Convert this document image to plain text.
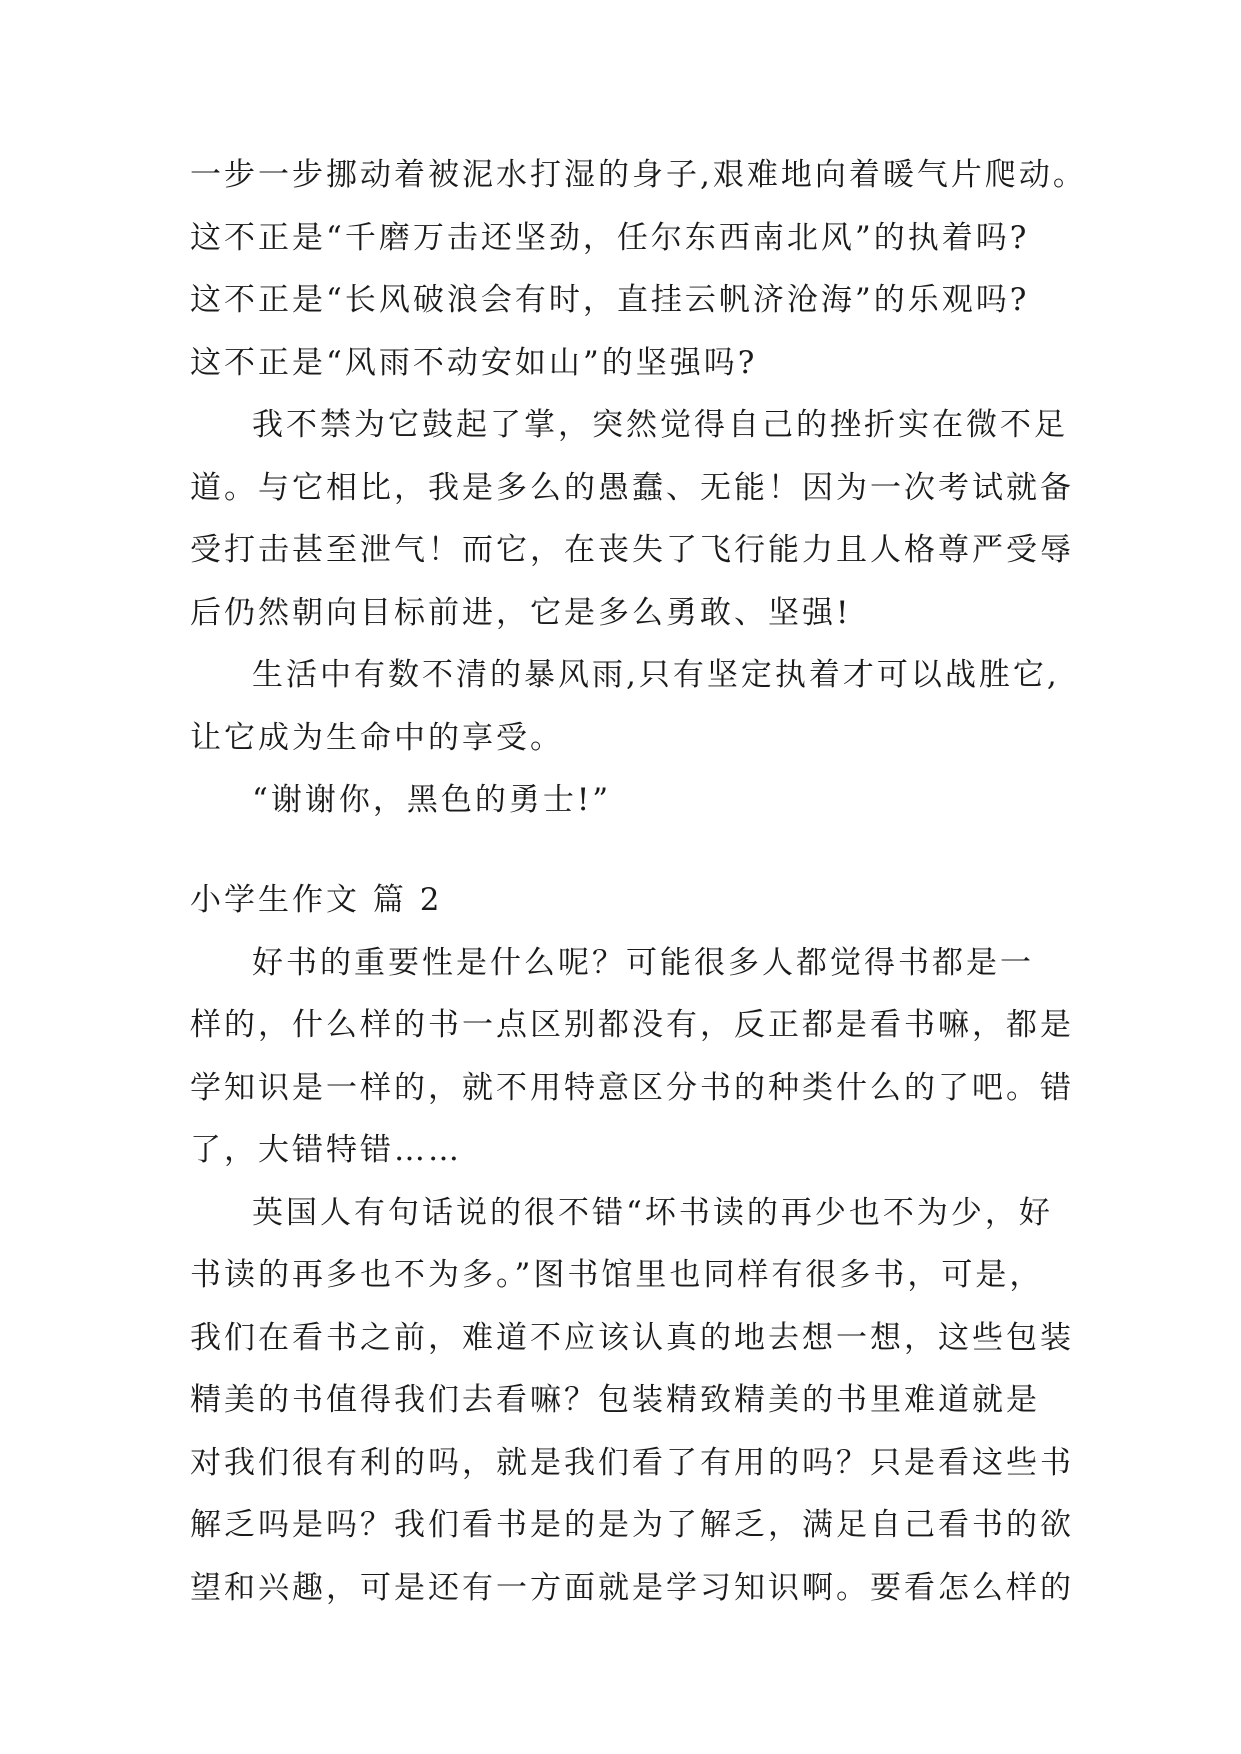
一步一步挪动着被泥水打湿的身子,艰难地向着暖气片爬动。
这不正是“千磨万击还坚劲，任尔东西南北风”的执着吗?
这不正是“长风破浪会有时，直挂云帆济沧海”的乐观吗?
这不正是“风雨不动安如山”的坚强吗?
我不禁为它鼓起了掌，突然觉得自己的挫折实在微不足
道。与它相比，我是多么的愚蠢、无能！因为一次考试就备
受打击甚至泄气！而它，在丧失了飞行能力且人格尊严受辱
后仍然朝向目标前进，它是多么勇敢、坚强!
生活中有数不清的暴风雨,只有坚定执着才可以战胜它,
让它成为生命中的享受。
“谢谢你，黑色的勇士!”
小学生作文 篇 2
好书的重要性是什么呢？可能很多人都觉得书都是一
样的，什么样的书一点区别都没有，反正都是看书嘛，都是
学知识是一样的，就不用特意区分书的种类什么的了吧。错
了，大错特错……
英国人有句话说的很不错“坏书读的再少也不为少，好
书读的再多也不为多。”图书馆里也同样有很多书，可是，
我们在看书之前，难道不应该认真的地去想一想，这些包装
精美的书值得我们去看嘛？包装精致精美的书里难道就是
对我们很有利的吗，就是我们看了有用的吗？只是看这些书
解乏吗是吗？我们看书是的是为了解乏，满足自己看书的欲
望和兴趣，可是还有一方面就是学习知识啊。要看怎么样的
